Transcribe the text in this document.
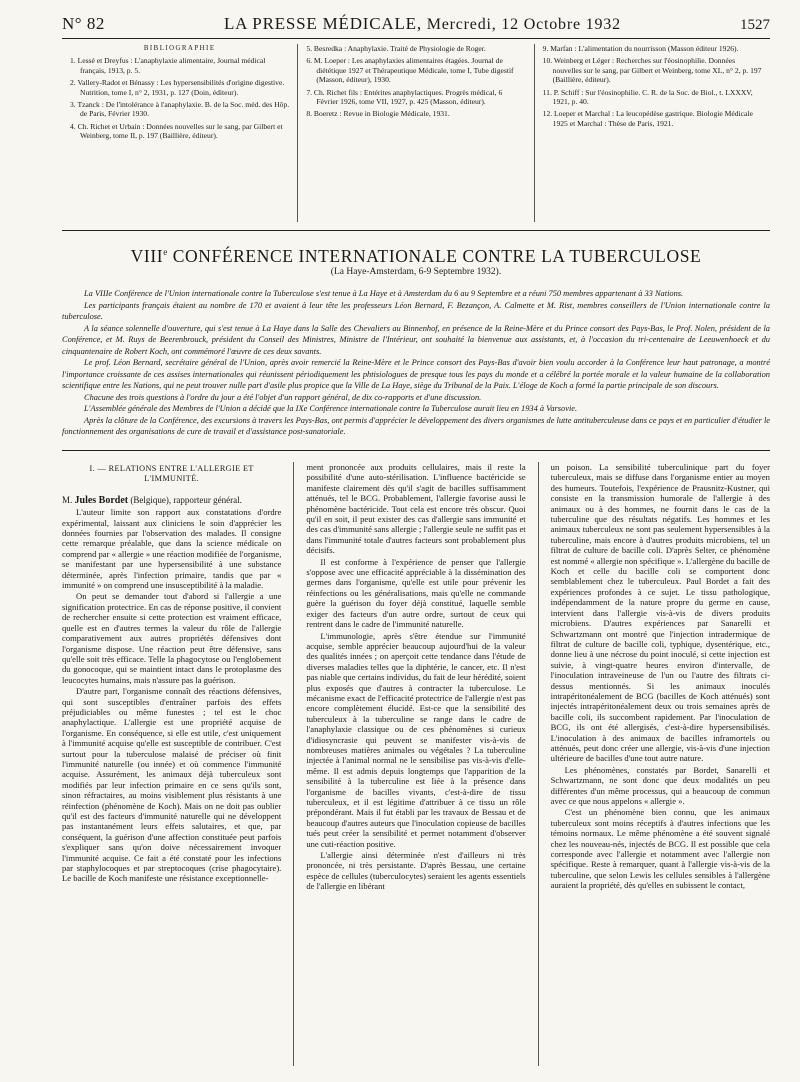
N° 82	LA PRESSE MÉDICALE, Mercredi, 12 Octobre 1932	1527
BIBLIOGRAPHIE
1. Lessé et Dreyfus : L'anaphylaxie alimentaire, Journal médical français, 1913, p. 5.
2. Vallery-Radot et Bénassy : Les hypersensibilités d'origine digestive. Nutrition, tome I, n° 2, 1931, p. 127 (Doin, éditeur).
3. Tzanck : De l'intolérance à l'anaphylaxie. B. de la Soc. méd. des Hôp. de Paris, Février 1930.
4. Ch. Richet et Urbain : Données nouvelles sur le sang, par Gilbert et Weinberg, tome II, p. 197 (Baillière, éditeur).
5. Besredka : Anaphylaxie. Traité de Physiologie de Roger.
6. M. Loeper : Les anaphylaxies alimentaires étagées. Journal de diététique 1927 et Thérapeutique Médicale, tome I, Tube digestif (Masson, éditeur), 1930.
7. Ch. Richet fils : Entérites anaphylactiques. Progrès médical, 6 Février 1926, tome VII, 1927, p. 425 (Masson, éditeur).
8. Boeretz : Revue in Biologie Médicale, 1931.
9. Marfan : L'alimentation du nourrisson (Masson éditeur 1926).
10. Weinberg et Léger : Recherches sur l'éosinophilie. Données nouvelles sur le sang, par Gilbert et Weinberg, tome XL, n° 2, p. 197 (Baillière, éditeur).
11. P. Schiff : Sur l'éosinophilie. C. R. de la Soc. de Biol., t. LXXXV, 1921, p. 40.
12. Loeper et Marchal : La leucopédèse gastrique. Biologie Médicale 1925 et Marchal : Thèse de Paris, 1921.
VIIIe CONFÉRENCE INTERNATIONALE CONTRE LA TUBERCULOSE
(La Haye-Amsterdam, 6-9 Septembre 1932).

La VIIIe Conférence de l'Union internationale contre la Tuberculose s'est tenue à La Haye et à Amsterdam du 6 au 9 Septembre et a réuni 750 membres appartenant à 33 Nations.

Les participants français étaient au nombre de 170 et avaient à leur tête les professeurs Léon Bernard, F. Bezançon, A. Calmette et M. Rist, membres conseillers de l'Union internationale contre la tuberculose.

A la séance solennelle d'ouverture, qui s'est tenue à La Haye dans la Salle des Chevaliers au Binnenhof, en présence de la Reine-Mère et du Prince consort des Pays-Bas, le Prof. Nolen, président de la Conférence, et M. Ruys de Beerenbrouck, président du Conseil des Ministres, Ministre de l'Intérieur, ont souhaité la bienvenue aux assistants, et, à l'occasion du tri-centenaire de Leeuwenhoeck et du cinquantenaire de Robert Koch, ont commémoré l'œuvre de ces deux savants.

Le prof. Léon Bernard, secrétaire général de l'Union, après avoir remercié la Reine-Mère et le Prince consort des Pays-Bas d'avoir bien voulu accorder à la Conférence leur haut patronage, a montré l'importance croissante de ces assises internationales qui réunissent périodiquement les phtisiologues de presque tous les pays du monde et a célébré la portée morale et la valeur humaine de la collaboration scientifique entre les Nations, qui ne peut trouver nulle part d'asile plus propice que la Ville de La Haye, siège du Tribunal de la Paix. L'éloge de Koch a formé la partie principale de son discours.

Chacune des trois questions à l'ordre du jour a été l'objet d'un rapport général, de dix co-rapports et d'une discussion.

L'Assemblée générale des Membres de l'Union a décidé que la IXe Conférence internationale contre la Tuberculose aurait lieu en 1934 à Varsovie.

Après la clôture de la Conférence, des excursions à travers les Pays-Bas, ont permis d'apprécier le développement des divers organismes de lutte antituberculeuse dans ce pays et en particulier d'étudier le fonctionnement des organisations de cure de travail et d'assistance post-sanatoriale.

I. — RELATIONS ENTRE L'ALLERGIE ET L'IMMUNITÉ.

M. Jules Bordet (Belgique), rapporteur général.

L'auteur limite son rapport aux constatations d'ordre expérimental, laissant aux cliniciens le soin d'apprécier les données fournies par l'observation des malades. Il consigne cette remarque préalable, que dans la science médicale on comprend par « allergie » une réaction modifiée de l'organisme, se manifestant par une hypersensibilité à une substance déterminée, après l'infection primaire, tandis que par « immunité » on comprend une insusceptibilité à la maladie.

On peut se demander tout d'abord si l'allergie a une signification protectrice. En cas de réponse positive, il convient de rechercher ensuite si cette protection est vraiment efficace, quelle est en d'autres termes la valeur du rôle de l'allergie comparativement aux autres propriétés défensives dont l'organisme dispose. Une réaction peut être défensive, sans qu'elle soit très efficace. Telle la phagocytose ou l'englobement du gonocoque, qui se maintient intact dans le protoplasme des leucocytes humains, mais n'assure pas la guérison.

D'autre part, l'organisme connaît des réactions défensives, qui sont susceptibles d'entraîner parfois des effets préjudiciables ou même funestes ; tel est le choc anaphylactique. L'allergie est une propriété acquise de l'organisme. En conséquence, si elle est utile, c'est uniquement à l'immunité acquise qu'elle est susceptible de contribuer. C'est surtout pour la tuberculose malaisé de préciser où finit l'immunité naturelle (ou innée) et où commence l'immunité acquise. Assurément, les animaux déjà tuberculeux sont modifiés par leur infection primaire en ce sens qu'ils sont, sinon réfractaires, au moins visiblement plus résistants à une réinfection (phénomène de Koch). Mais on ne doit pas oublier qu'il est des facteurs d'immunité naturelle qui ne développent pas instantanément leurs effets salutaires, et que, par conséquent, la guérison d'une affection constituée peut parfois s'expliquer sans qu'on doive nécessairement invoquer l'immunité acquise. Ce fait a été constaté pour les infections par staphylocoques et par streptocoques (crise phagocytaire). Le bacille de Koch manifeste une résistance exceptionnelle-

ment prononcée aux produits cellulaires, mais il reste la possibilité d'une auto-stérilisation. L'influence bactéricide se manifeste clairement dès qu'il s'agit de bacilles suffisamment atténués, tel le BCG. Probablement, l'allergie favorise aussi le phénomène bactéricide. Tout cela est encore très obscur. Quoi qu'il en soit, il peut exister des cas d'allergie sans immunité et des cas d'immunité sans allergie ; l'allergie seule ne suffit pas et dans l'immunité totale d'autres facteurs sont probablement plus décisifs.

Il est conforme à l'expérience de penser que l'allergie s'oppose avec une efficacité appréciable à la dissémination des germes dans l'organisme, qu'elle est utile pour prévenir les réinfections ou les généralisations, mais qu'elle ne commande guère la guérison du foyer déjà constitué, laquelle semble exiger des facteurs d'un autre ordre, surtout de ceux qui rentrent dans le cadre de l'immunité naturelle.

L'immunologie, après s'être étendue sur l'immunité acquise, semble apprécier beaucoup aujourd'hui de la valeur des qualités innées ; on aperçoit cette tendance dans l'étude de diverses maladies telles que la diphtérie, le cancer, etc. Il n'est pas niable que certains individus, du fait de leur hérédité, soient plus exposés que d'autres à contracter la tuberculose. Le mécanisme exact de l'efficacité protectrice de l'allergie n'est pas encore complètement élucidé. Est-ce que la sensibilité des tuberculeux à la tuberculine se range dans le cadre de l'anaphylaxie classique ou de ces phénomènes si curieux d'idiosyncrasie qui peuvent se manifester vis-à-vis de nombreuses matières animales ou végétales ? La tuberculine injectée à l'animal normal ne le sensibilise pas vis-à-vis d'elle-même. Il est admis depuis longtemps que l'apparition de la sensibilité à la tuberculine est liée à la présence dans l'organisme de bacilles vivants, c'est-à-dire de tissu tuberculeux, et il est légitime d'attribuer à ce tissu un rôle prépondérant. Mais il fut établi par les travaux de Bessau et de beaucoup d'autres auteurs que l'inoculation copieuse de bacilles tués peut créer la sensibilité et permet notamment d'observer une cuti-réaction positive.

L'allergie ainsi déterminée n'est d'ailleurs ni très prononcée, ni très persistante. D'après Bessau, une certaine espèce de cellules (tuberculocytes) seraient les agents essentiels de l'allergie en libérant

un poison. La sensibilité tuberculinique part du foyer tuberculeux, mais se diffuse dans l'organisme entier au moyen des humeurs. Toutefois, l'expérience de Prausnitz-Kustner, qui consiste en la transmission humorale de l'allergie à des animaux ou à des hommes, ne fournit dans le cas de la tuberculine que des résultats négatifs. Les hommes et les animaux tuberculeux ne sont pas seulement hypersensibles à la tuberculine, mais encore à d'autres produits microbiens, tel un filtrat de culture de bacille coli. D'après Selter, ce phénomène est nommé « allergie non spécifique ». L'allergène du bacille de Koch et celle du bacille coli se comportent donc semblablement chez le tuberculeux. Paul Bordet a fait des expériences profondes à ce sujet. Le tissu pathologique, indépendamment de la nature propre du germe en cause, intervient dans l'allergie vis-à-vis de divers produits microbiens. D'autres expériences par Sanarelli et Schwartzmann ont montré que l'injection intradermique de filtrat de culture de bacille coli, typhique, dysentérique, etc., donne lieu à une nécrose du point inoculé, si cette injection est suivie, à vingt-quatre heures environ d'intervalle, de l'inoculation intraveineuse de l'un ou l'autre des filtrats ci-dessus mentionnés. Si les animaux inoculés intrapéritonéalement de BCG (bacilles de Koch atténués) sont injectés intrapéritonéalement deux ou trois semaines après de bacille coli, ils succombent rapidement. Par l'inoculation de BCG, ils ont été allergisés, c'est-à-dire hypersensibilisés. L'inoculation à des animaux de bacilles inframortels ou atténués, peut donc créer une allergie, vis-à-vis d'une injection ultérieure de bacilles d'une tout autre nature.

Les phénomènes, constatés par Bordet, Sanarelli et Schwartzmann, ne sont donc que deux modalités un peu différentes d'un même processus, qui a beaucoup de commun avec ce que nous appelons « allergie ».

C'est un phénomène bien connu, que les animaux tuberculeux sont moins réceptifs à d'autres infections que les témoins normaux. Le même phénomène a été souvent signalé chez les nouveau-nés, injectés de BCG. Il est possible que cela corresponde avec l'allergie et notamment avec l'allergie non spécifique. Reste à remarquer, quant à l'allergie vis-à-vis de la tuberculine, que selon Lewis les cellules sensibles à l'allergène auraient la propriété, dès qu'elles en subissent le contact,
